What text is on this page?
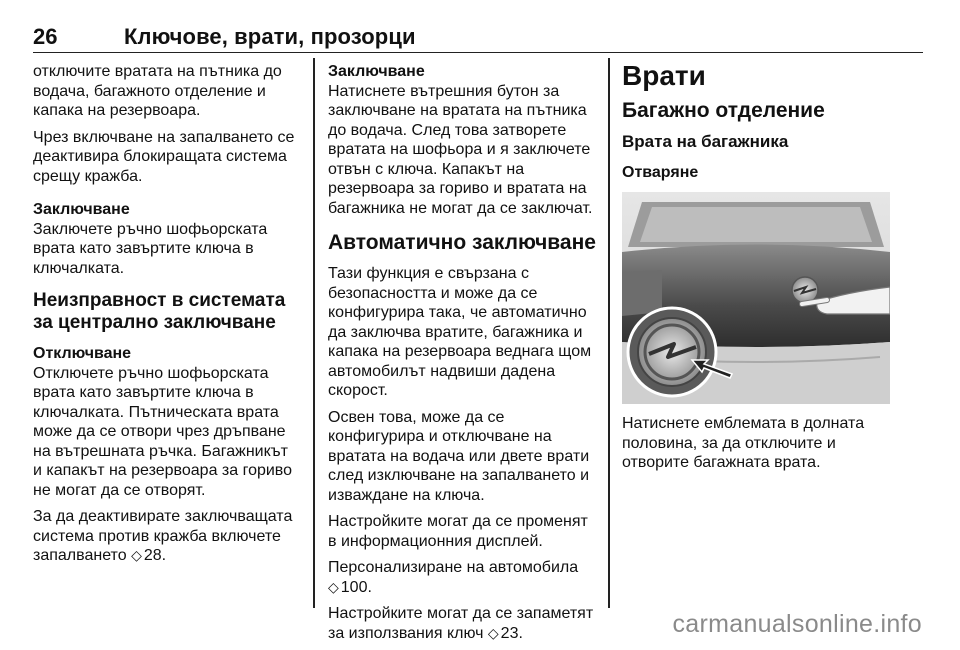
26	Ключове, врати, прозорци

отключите вратата на пътника до водача, багажното отделение и капака на резервоара.

Чрез включване на запалването се деактивира блокиращата система срещу кражба.

Заключване

Заключете ръчно шофьорската врата като завъртите ключа в ключалката.

Неизправност в системата за централно заключване
Отключване

Отключете ръчно шофьорската врата като завъртите ключа в ключалката. Пътническата врата може да се отвори чрез дръпване на вътрешната ръчка. Багажникът и капакът на резервоара за гориво не могат да се отворят.

За да деактивирате заключващата система против кражба включете запалването ◇ 28.

Заключване

Натиснете вътрешния бутон за заключване на вратата на пътника до водача. След това затворете вратата на шофьора и я заключете отвън с ключа. Капакът на резервоара за гориво и вратата на багажника не могат да се заключат.

Автоматично заключване

Тази функция е свързана с безопасността и може да се конфигурира така, че автоматично да заключва вратите, багажника и капака на резервоара веднага щом автомобилът надвиши дадена скорост.

Освен това, може да се конфигурира и отключване на вратата на водача или двете врати след изключване на запалването и изваждане на ключа.

Настройките могат да се променят в информационния дисплей.

Персонализиране на автомобила
◇ 100.

Настройките могат да се запаметят за използвания ключ ◇ 23.

Врати
Багажно отделение
Врата на багажника
Отваряне

Натиснете емблемата в долната половина, за да отключите и отворите багажната врата.

carmanualsonline.info
